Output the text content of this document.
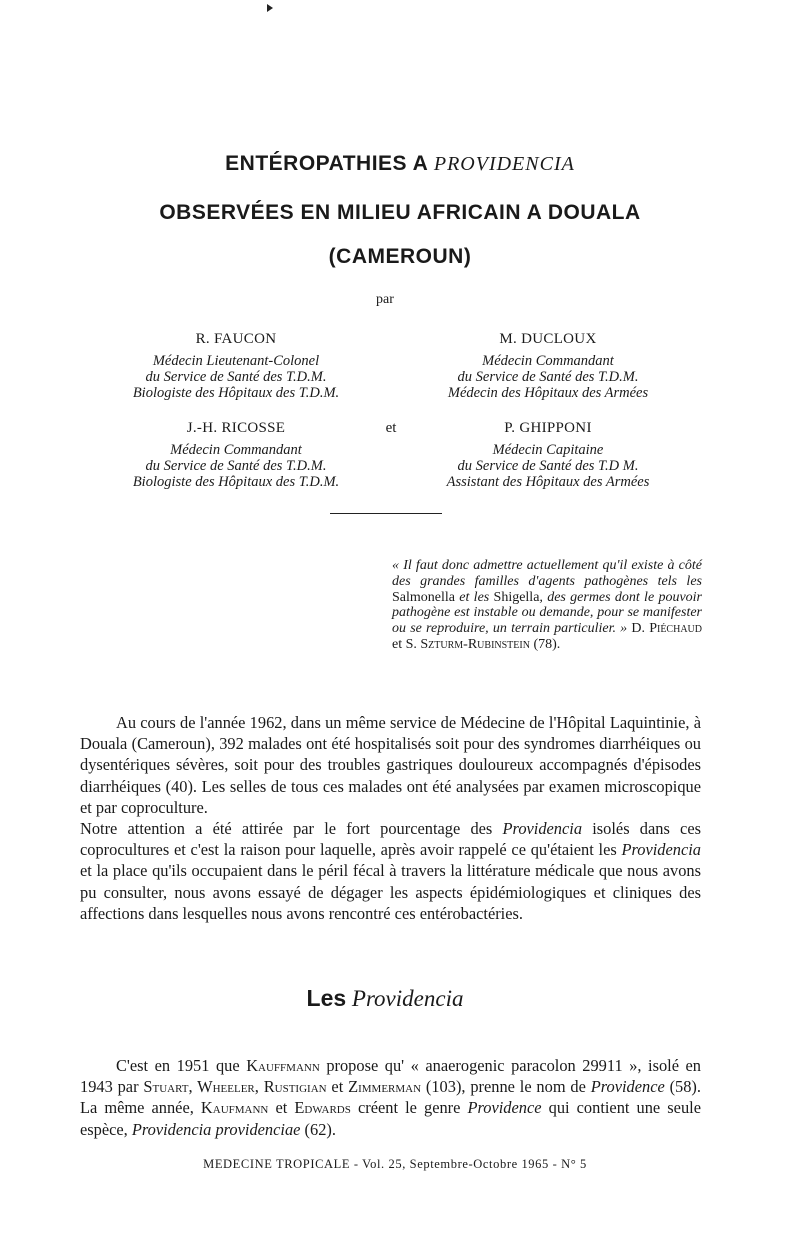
ENTÉROPATHIES A PROVIDENCIA
OBSERVÉES EN MILIEU AFRICAIN A DOUALA
(CAMEROUN)
par
R. FAUCON
Médecin Lieutenant-Colonel
du Service de Santé des T.D.M.
Biologiste des Hôpitaux des T.D.M.
M. DUCLOUX
Médecin Commandant
du Service de Santé des T.D.M.
Médecin des Hôpitaux des Armées
et
J.-H. RICOSSE
Médecin Commandant
du Service de Santé des T.D.M.
Biologiste des Hôpitaux des T.D.M.
P. GHIPPONI
Médecin Capitaine
du Service de Santé des T.D M.
Assistant des Hôpitaux des Armées
« Il faut donc admettre actuellement qu'il existe à côté des grandes familles d'agents pathogènes tels les Salmonella et les Shigella, des germes dont le pouvoir pathogène est instable ou demande, pour se manifester ou se reproduire, un terrain particulier. » D. Piéchaud et S. Szturm-Rubinstein (78).

Au cours de l'année 1962, dans un même service de Médecine de l'Hôpital Laquintinie, à Douala (Cameroun), 392 malades ont été hospitalisés soit pour des syndromes diarrhéiques ou dysentériques sévères, soit pour des troubles gastriques douloureux accompagnés d'épisodes diarrhéiques (40). Les selles de tous ces malades ont été analysées par examen microscopique et par coproculture.

Notre attention a été attirée par le fort pourcentage des Providencia isolés dans ces coprocultures et c'est la raison pour laquelle, après avoir rappelé ce qu'étaient les Providencia et la place qu'ils occupaient dans le péril fécal à travers la littérature médicale que nous avons pu consulter, nous avons essayé de dégager les aspects épidémiologiques et cliniques des affections dans lesquelles nous avons rencontré ces entérobactéries.

Les Providencia

C'est en 1951 que Kauffmann propose qu' « anaerogenic paracolon 29911 », isolé en 1943 par Stuart, Wheeler, Rustigian et Zimmerman (103), prenne le nom de Providence (58). La même année, Kaufmann et Edwards créent le genre Providence qui contient une seule espèce, Providencia providenciae (62).

MEDECINE TROPICALE - Vol. 25, Septembre-Octobre 1965 - N° 5
